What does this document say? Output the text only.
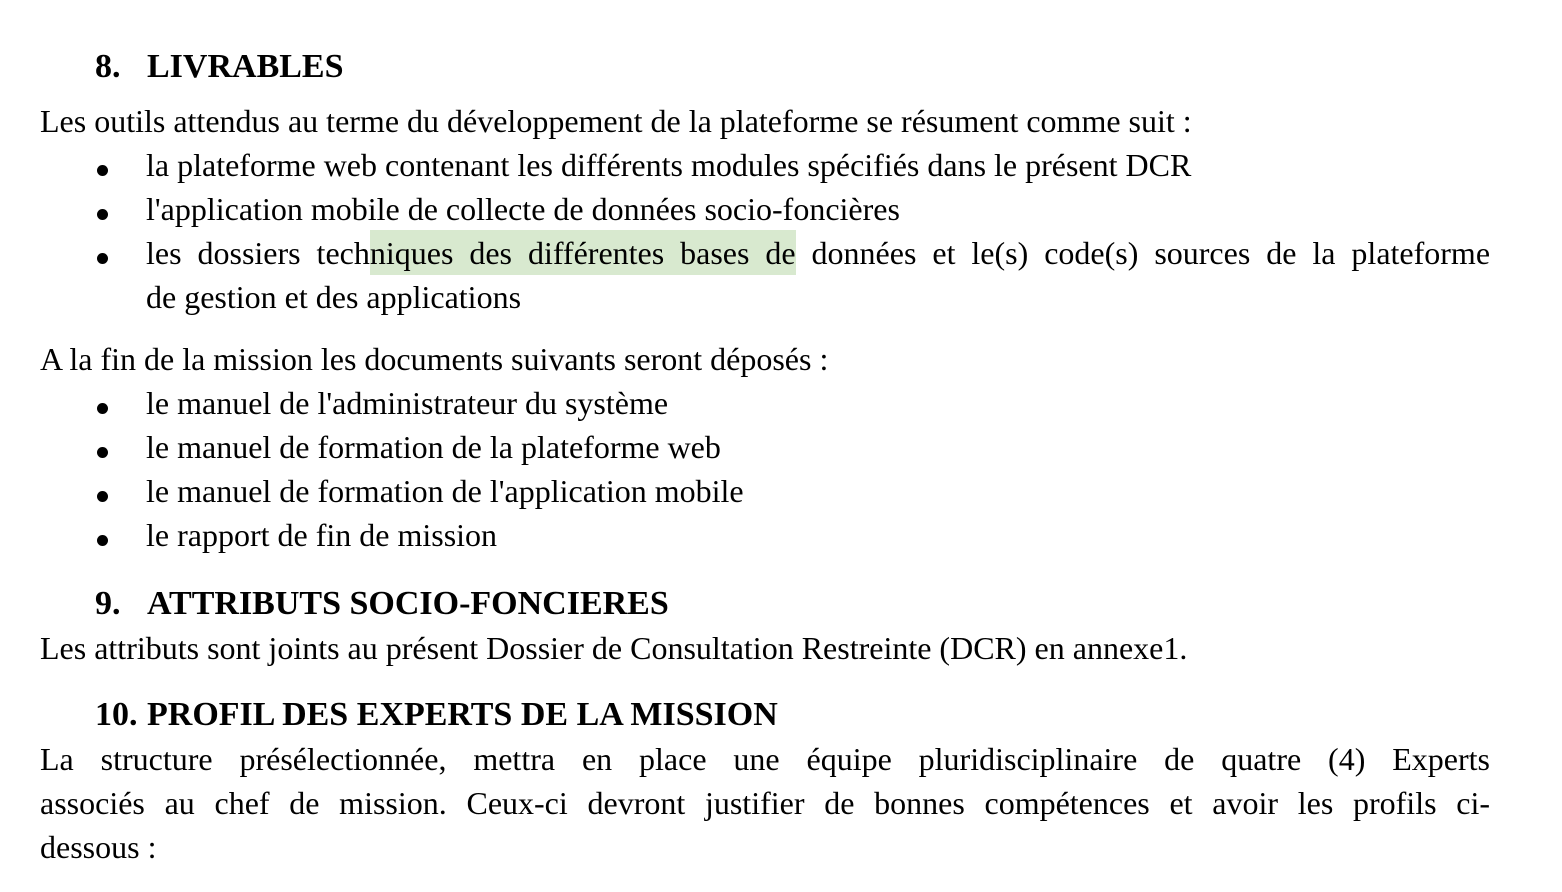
8. LIVRABLES

Les outils attendus au terme du développement de la plateforme se résument comme suit :

la plateforme web contenant les différents modules spécifiés dans le présent DCR
l'application mobile de collecte de données socio-foncières
les dossiers techniques des différentes bases de données et le(s) code(s) sources de la plateforme
de gestion et des applications

A la fin de la mission les documents suivants seront déposés :

le manuel de l'administrateur du système
le manuel de formation de la plateforme web
le manuel de formation de l'application mobile
le rapport de fin de mission
9. ATTRIBUTS SOCIO-FONCIERES

Les attributs sont joints au présent Dossier de Consultation Restreinte (DCR) en annexe1.

10. PROFIL DES EXPERTS DE LA MISSION

La structure présélectionnée, mettra en place une équipe pluridisciplinaire de quatre (4) Experts

associés au chef de mission. Ceux-ci devront justifier de bonnes compétences et avoir les profils ci-

dessous :
